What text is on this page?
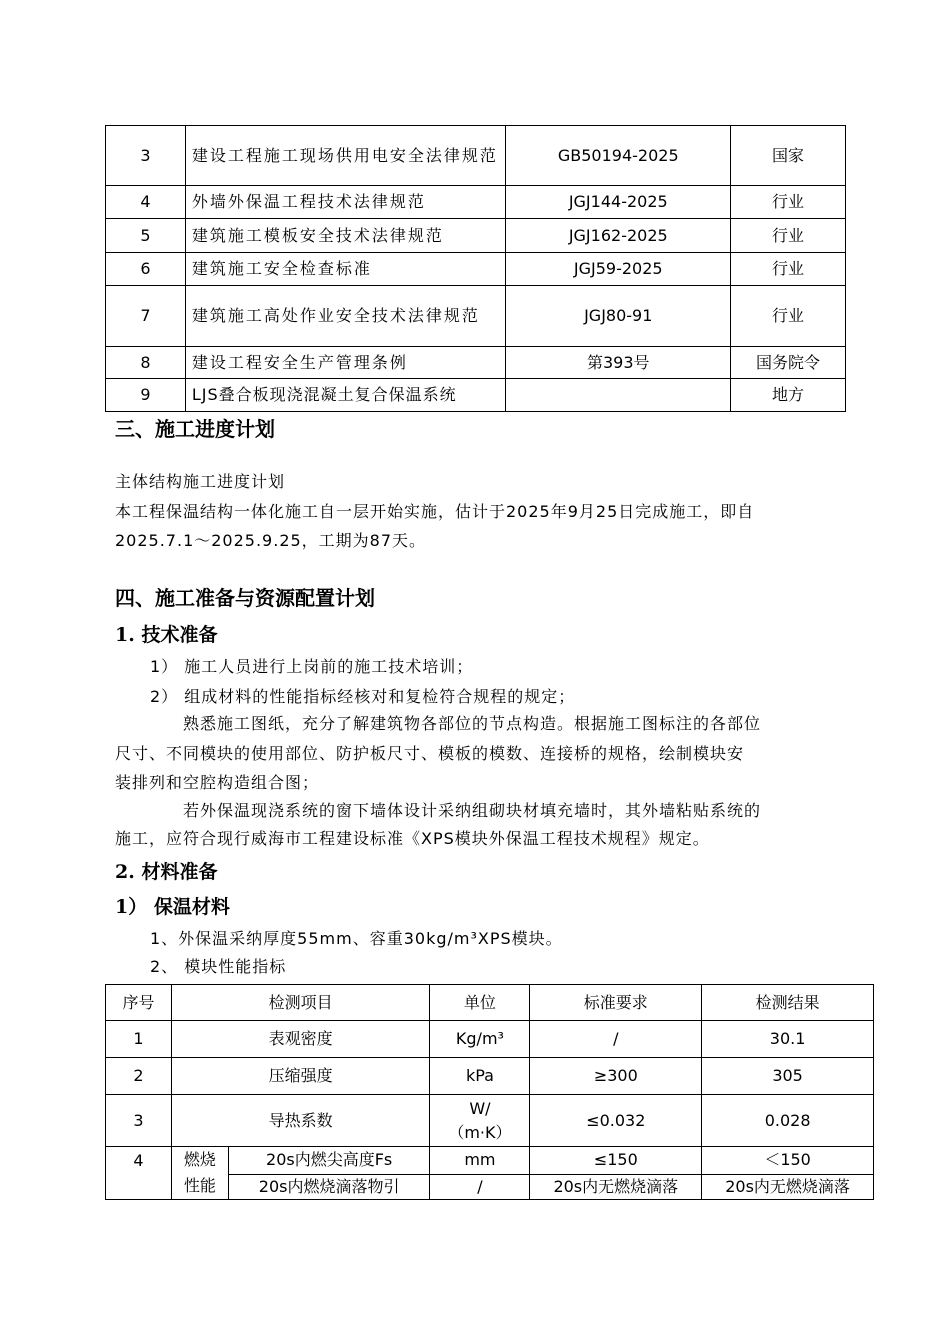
3	建设工程施工现场供用电安全法律规范	GB50194-2025	国家
4	外墙外保温工程技术法律规范	JGJ144-2025	行业
5	建筑施工模板安全技术法律规范	JGJ162-2025	行业
6	建筑施工安全检查标准	JGJ59-2025	行业
7	建筑施工高处作业安全技术法律规范	JGJ80-91	行业
8	建设工程安全生产管理条例	第393号	国务院令
9	LJS叠合板现浇混凝土复合保温系统		地方
三、施工进度计划
主体结构施工进度计划
本工程保温结构一体化施工自一层开始实施，估计于2025年9月25日完成施工，即自
2025.7.1～2025.9.25，工期为87天。
四、施工准备与资源配置计划
1. 技术准备
1） 施工人员进行上岗前的施工技术培训；
2） 组成材料的性能指标经核对和复检符合规程的规定；
熟悉施工图纸，充分了解建筑物各部位的节点构造。根据施工图标注的各部位
尺寸、不同模块的使用部位、防护板尺寸、模板的模数、连接桥的规格，绘制模块安
装排列和空腔构造组合图；
若外保温现浇系统的窗下墙体设计采纳组砌块材填充墙时，其外墙粘贴系统的
施工，应符合现行威海市工程建设标准《XPS模块外保温工程技术规程》规定。
2. 材料准备
1） 保温材料
1、外保温采纳厚度55mm、容重30kg/m³XPS模块。
2、 模块性能指标
序号	检测项目		单位	标准要求	检测结果
1	表观密度		Kg/m³	/	30.1
2	压缩强度		kPa	≥300	305
3	导热系数		W/
（m·K）	≤0.032	0.028
4	燃烧
性能	20s内燃尖高度Fs	mm	≤150	＜150
		20s内燃烧滴落物引	/	20s内无燃烧滴落	20s内无燃烧滴落
